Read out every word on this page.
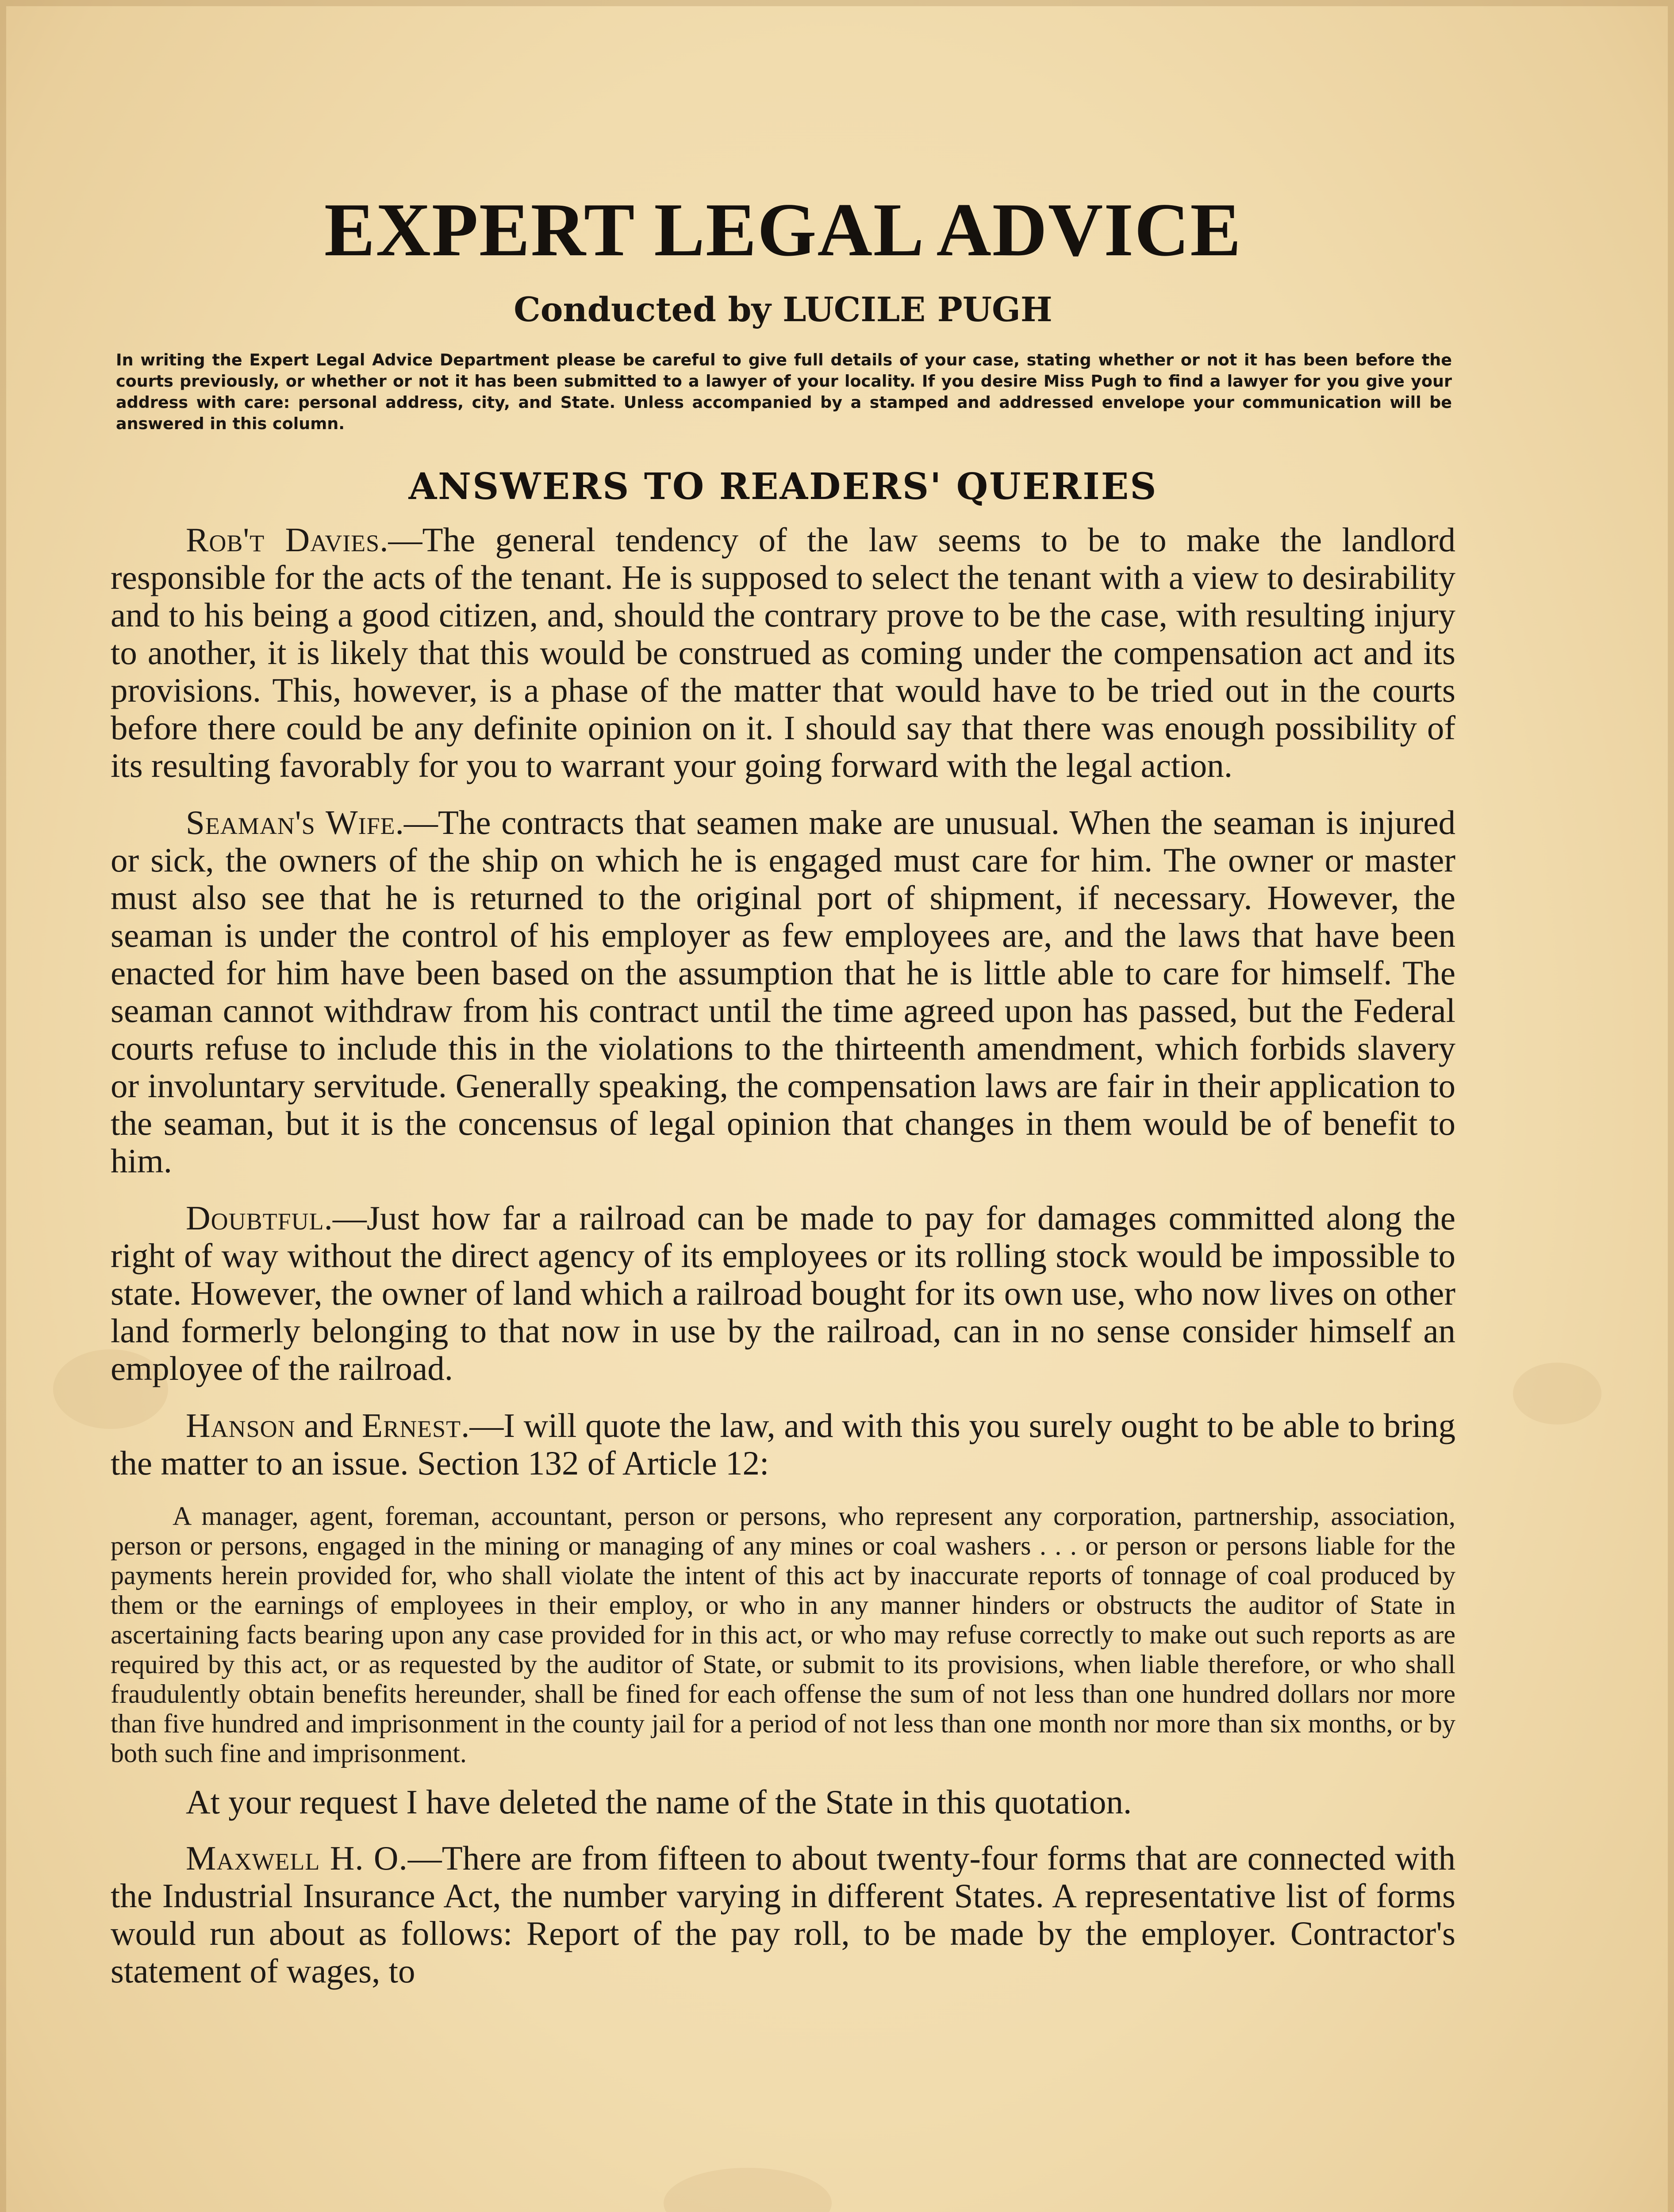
EXPERT LEGAL ADVICE
Conducted by LUCILE PUGH
In writing the Expert Legal Advice Department please be careful to give full details of your case, stating whether or not it has been before the courts previously, or whether or not it has been submitted to a lawyer of your locality. If you desire Miss Pugh to find a lawyer for you give your address with care: personal address, city, and State. Unless accompanied by a stamped and addressed envelope your communication will be answered in this column.
ANSWERS TO READERS' QUERIES

Rob't Davies.—The general tendency of the law seems to be to make the landlord responsible for the acts of the tenant. He is supposed to select the tenant with a view to desirability and to his being a good citizen, and, should the contrary prove to be the case, with resulting injury to another, it is likely that this would be construed as coming under the compensation act and its provisions. This, however, is a phase of the matter that would have to be tried out in the courts before there could be any definite opinion on it. I should say that there was enough possibility of its resulting favorably for you to warrant your going forward with the legal action.

Seaman's Wife.—The contracts that seamen make are unusual. When the seaman is injured or sick, the owners of the ship on which he is engaged must care for him. The owner or master must also see that he is returned to the original port of shipment, if necessary. However, the seaman is under the control of his employer as few employees are, and the laws that have been enacted for him have been based on the assumption that he is little able to care for himself. The seaman cannot withdraw from his contract until the time agreed upon has passed, but the Federal courts refuse to include this in the violations to the thirteenth amendment, which forbids slavery or involuntary servitude. Generally speaking, the compensation laws are fair in their application to the seaman, but it is the concensus of legal opinion that changes in them would be of benefit to him.

Doubtful.—Just how far a railroad can be made to pay for damages committed along the right of way without the direct agency of its employees or its rolling stock would be impossible to state. However, the owner of land which a railroad bought for its own use, who now lives on other land formerly belonging to that now in use by the railroad, can in no sense consider himself an employee of the railroad.

Hanson and Ernest.—I will quote the law, and with this you surely ought to be able to bring the matter to an issue. Section 132 of Article 12:

A manager, agent, foreman, accountant, person or persons, who represent any corporation, partnership, association, person or persons, engaged in the mining or managing of any mines or coal washers . . . or person or persons liable for the payments herein provided for, who shall violate the intent of this act by inaccurate reports of tonnage of coal produced by them or the earnings of employees in their employ, or who in any manner hinders or obstructs the auditor of State in ascertaining facts bearing upon any case provided for in this act, or who may refuse correctly to make out such reports as are required by this act, or as requested by the auditor of State, or submit to its provisions, when liable therefore, or who shall fraudulently obtain benefits hereunder, shall be fined for each offense the sum of not less than one hundred dollars nor more than five hundred and imprisonment in the county jail for a period of not less than one month nor more than six months, or by both such fine and imprisonment.

At your request I have deleted the name of the State in this quotation.

Maxwell H. O.—There are from fifteen to about twenty-four forms that are connected with the Industrial Insurance Act, the number varying in different States. A representative list of forms would run about as follows: Report of the pay roll, to be made by the employer. Contractor's statement of wages, to
